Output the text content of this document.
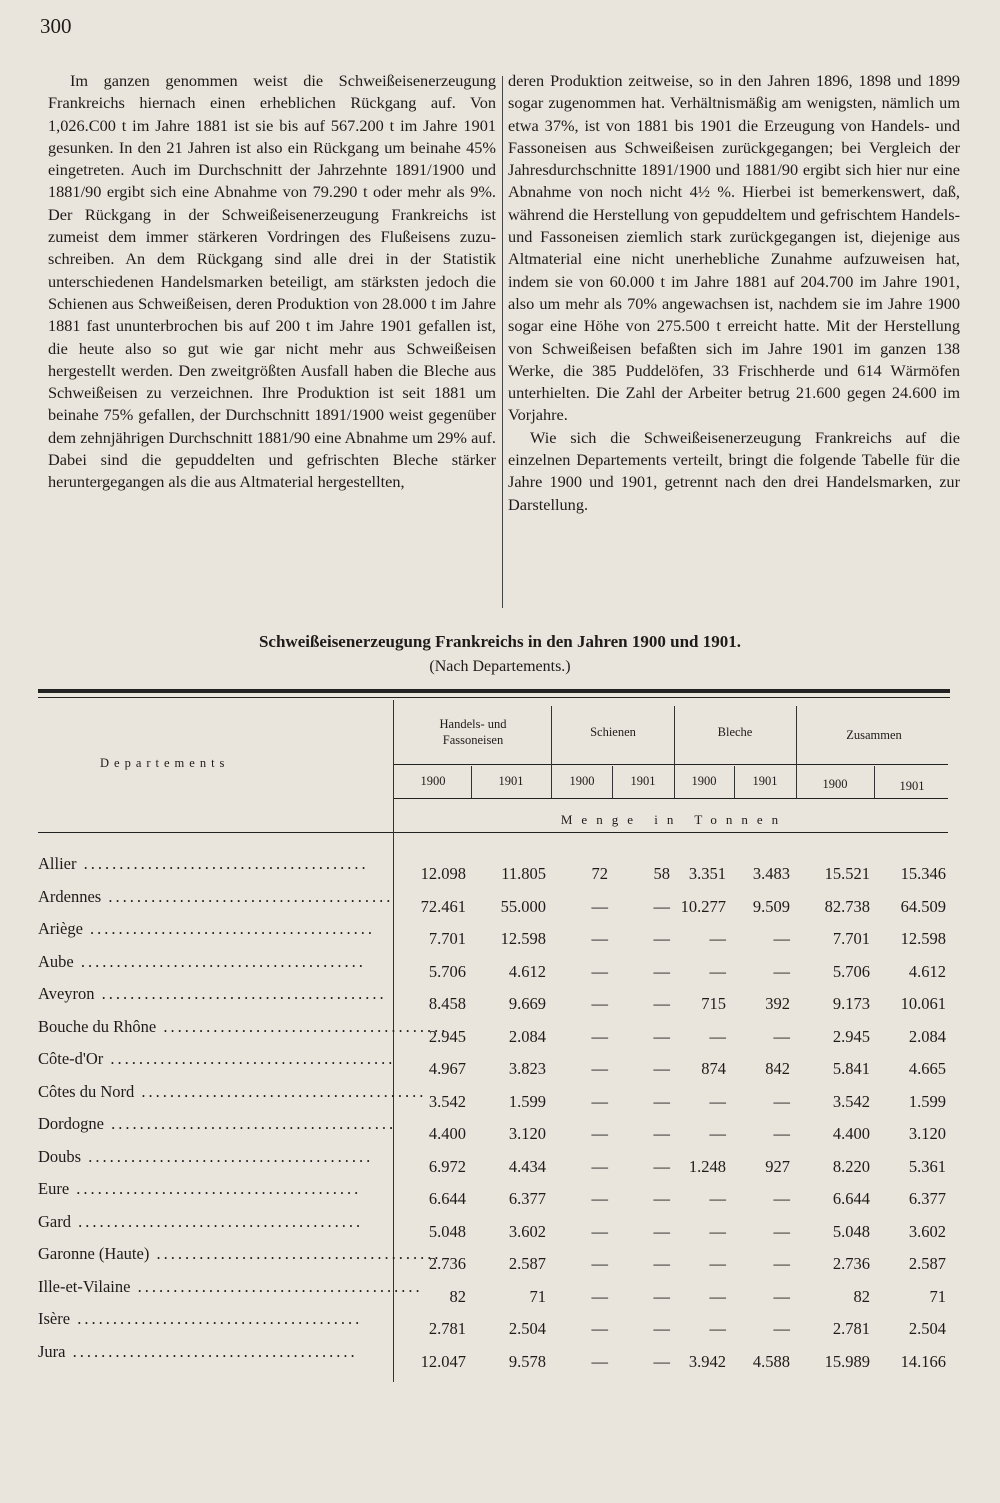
300

Im ganzen genommen weist die Schweißeisenerzeugung Frankreichs hiernach einen erheblichen Rückgang auf. Von 1,026.C00 t im Jahre 1881 ist sie bis auf 567.200 t im Jahre 1901 gesunken. In den 21 Jahren ist also ein Rückgang um beinahe 45% eingetreten. Auch im Durchschnitt der Jahrzehnte 1891/1900 und 1881/90 ergibt sich eine Abnahme von 79.290 t oder mehr als 9%. Der Rückgang in der Schweißeisenerzeugung Frankreichs ist zumeist dem immer stärkeren Vordringen des Flußeisens zuzuschreiben. An dem Rückgang sind alle drei in der Statistik unterschiedenen Handelsmarken beteiligt, am stärksten jedoch die Schienen aus Schweißeisen, deren Produktion von 28.000 t im Jahre 1881 fast ununterbrochen bis auf 200 t im Jahre 1901 gefallen ist, die heute also so gut wie gar nicht mehr aus Schweißeisen hergestellt werden. Den zweitgrößten Ausfall haben die Bleche aus Schweißeisen zu verzeichnen. Ihre Produktion ist seit 1881 um beinahe 75% gefallen, der Durchschnitt 1891/1900 weist gegenüber dem zehnjährigen Durchschnitt 1881/90 eine Abnahme um 29% auf. Dabei sind die gepuddelten und gefrischten Bleche stärker heruntergegangen als die aus Altmaterial hergestellten,

deren Produktion zeitweise, so in den Jahren 1896, 1898 und 1899 sogar zugenommen hat. Verhältnismäßig am wenigsten, nämlich um etwa 37%, ist von 1881 bis 1901 die Erzeugung von Handels- und Fassoneisen aus Schweißeisen zurückgegangen; bei Vergleich der Jahresdurchschnitte 1891/1900 und 1881/90 ergibt sich hier nur eine Abnahme von noch nicht 4½ %. Hierbei ist bemerkenswert, daß, während die Herstellung von gepuddeltem und gefrischtem Handels- und Fassoneisen ziemlich stark zurückgegangen ist, diejenige aus Altmaterial eine nicht unerhebliche Zunahme aufzuweisen hat, indem sie von 60.000 t im Jahre 1881 auf 204.700 im Jahre 1901, also um mehr als 70% angewachsen ist, nachdem sie im Jahre 1900 sogar eine Höhe von 275.500 t erreicht hatte. Mit der Herstellung von Schweißeisen befaßten sich im Jahre 1901 im ganzen 138 Werke, die 385 Puddelöfen, 33 Frischherde und 614 Wärmöfen unterhielten. Die Zahl der Arbeiter betrug 21.600 gegen 24.600 im Vorjahre.

Wie sich die Schweißeisenerzeugung Frankreichs auf die einzelnen Departements verteilt, bringt die folgende Tabelle für die Jahre 1900 und 1901, getrennt nach den drei Handelsmarken, zur Darstellung.

Schweißeisenerzeugung Frankreichs in den Jahren 1900 und 1901.
(Nach Departements.)
Departements
Handels- und Fassoneisen
Schienen	Bleche	Zusammen
1900	1901	1900	1901	1900	1901	1900	1901
Menge in Tonnen
Allier ........................................
12.098	11.805	72	58	3.351	3.483	15.521	15.346
Ardennes ........................................
72.461	55.000	—	— 10.277	9.509	82.738	64.509
Ariège ........................................
7.701	12.598	—	—	—	—	7.701	12.598
Aube ........................................
5.706	4.612	—	—	—	—	5.706	4.612
Aveyron ........................................
8.458	9.669	—	—	715	392	9.173	10.061
Bouche du Rhône ........................................
2.945	2.084	—	—	—	—	2.945	2.084
Côte-d'Or ........................................
4.967	3.823	—	—	874	842	5.841	4.665
Côtes du Nord ........................................
3.542	1.599	—	—	—	—	3.542	1.599
Dordogne ........................................
4.400	3.120	—	—	—	—	4.400	3.120
Doubs ........................................
6.972	4.434	—	—	1.248	927	8.220	5.361
Eure ........................................
6.644	6.377	—	—	—	—	6.644	6.377
Gard ........................................
5.048	3.602	—	—	—	—	5.048	3.602
Garonne (Haute) ........................................
2.736	2.587	—	—	—	—	2.736	2.587
Ille-et-Vilaine ........................................
82	71	—	—	—	—	82	71
Isère ........................................
2.781	2.504	—	—	—	—	2.781	2.504
Jura ........................................
12.047	9.578	—	—	3.942	4.588	15.989	14.166
